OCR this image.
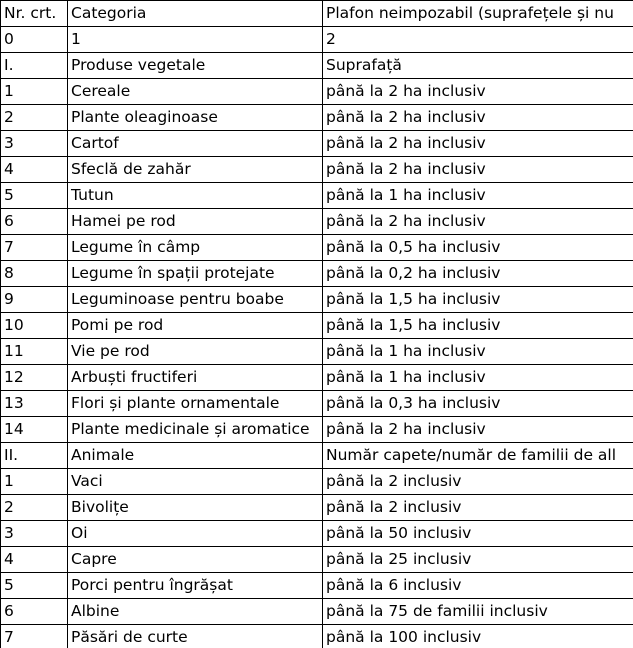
Nr. crt.	Categoria	Plafon neimpozabil (suprafețele și nu
0	1	2
I.	Produse vegetale	Suprafață
1	Cereale	până la 2 ha inclusiv
2	Plante oleaginoase	până la 2 ha inclusiv
3	Cartof	până la 2 ha inclusiv
4	Sfeclă de zahăr	până la 2 ha inclusiv
5	Tutun	până la 1 ha inclusiv
6	Hamei pe rod	până la 2 ha inclusiv
7	Legume în câmp	până la 0,5 ha inclusiv
8	Legume în spații protejate	până la 0,2 ha inclusiv
9	Leguminoase pentru boabe	până la 1,5 ha inclusiv
10	Pomi pe rod	până la 1,5 ha inclusiv
11	Vie pe rod	până la 1 ha inclusiv
12	Arbuști fructiferi	până la 1 ha inclusiv
13	Flori și plante ornamentale	până la 0,3 ha inclusiv
14	Plante medicinale și aromatice	până la 2 ha inclusiv
II.	Animale	Număr capete/număr de familii de all
1	Vaci	până la 2 inclusiv
2	Bivolițe	până la 2 inclusiv
3	Oi	până la 50 inclusiv
4	Capre	până la 25 inclusiv
5	Porci pentru îngrășat	până la 6 inclusiv
6	Albine	până la 75 de familii inclusiv
7	Păsări de curte	până la 100 inclusiv
